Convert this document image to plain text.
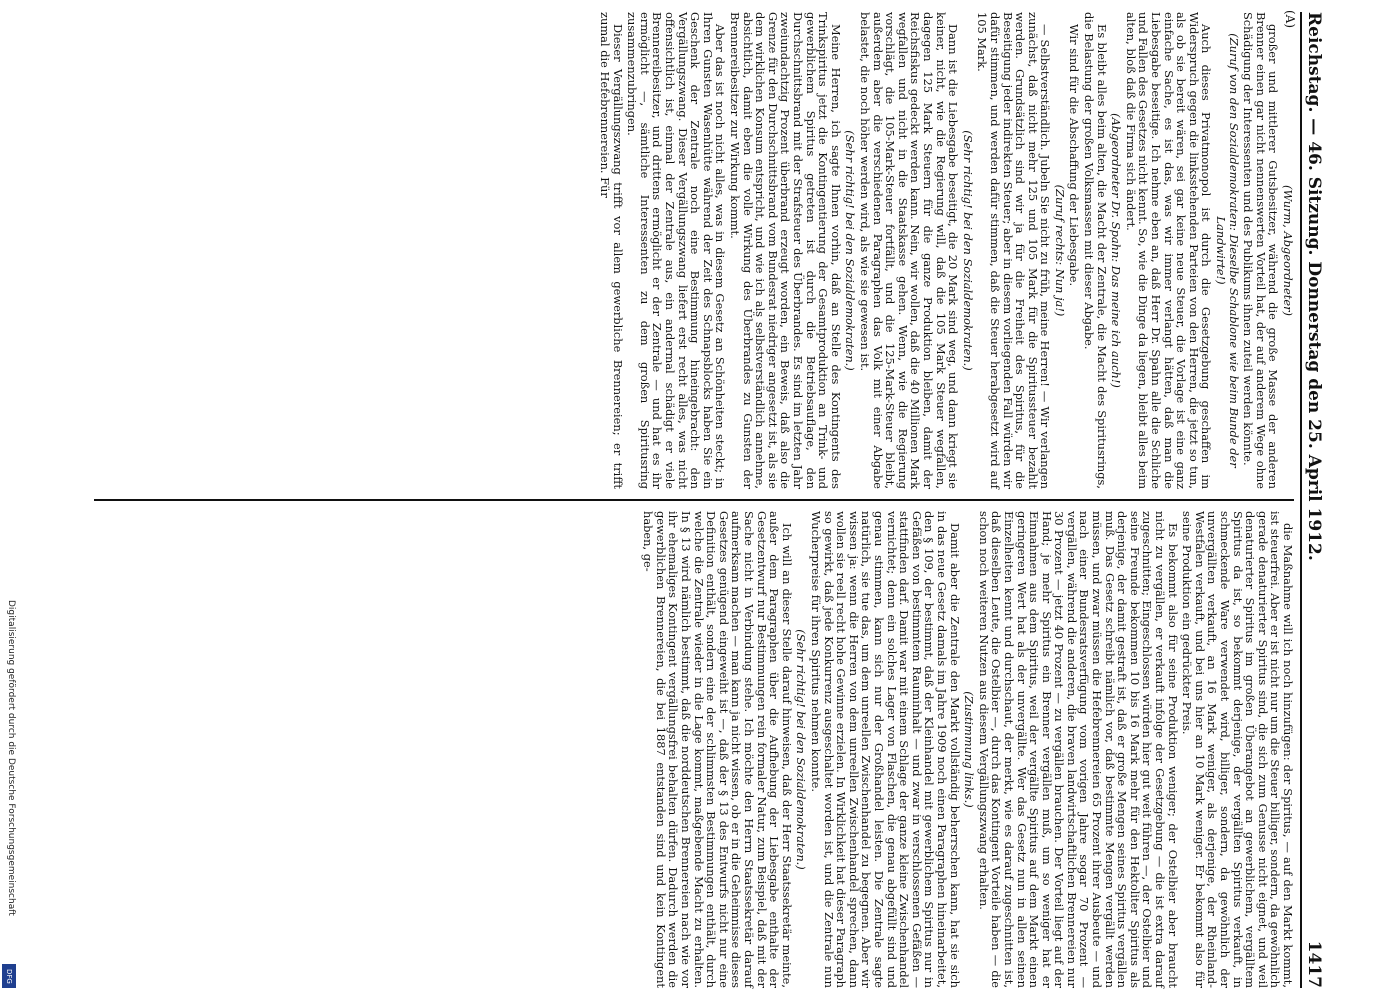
Reichstag. — 46. Sitzung. Donnerstag den 25. April 1912.
1417
(A)

(Wurm, Abgeordneter)

großer und mittlerer Gutsbesitzer, während die große Masse der anderen Brenner einen gar nicht nennenswerten Vorteil hat, der auf anderem Wege ohne Schädigung der Interessenten und des Publikums ihnen zuteil werden könnte.

(Zuruf von den Sozialdemokraten: Dieselbe Schablone wie beim Bunde der Landwirte!)

Auch dieses Privatmonopol ist durch die Gesetzgebung geschaffen im Widerspruch gegen die linksstehenden Parteien von den Herren, die jetzt so tun, als ob sie bereit wären, sei gar keine neue Steuer, die Vorlage ist eine ganz einfache Sache, es ist das, was wir immer verlangt hätten, daß man die Liebesgabe beseitige. Ich nehme eben an, daß Herr Dr. Spahn alle die Schliche und Fallen des Gesetzes nicht kennt. So, wie die Dinge da liegen, bleibt alles beim alten, bloß daß die Firma sich ändert.

(Abgeordneter Dr. Spahn: Das meine ich auch!)

Es bleibt alles beim alten, die Macht der Zentrale, die Macht des Spiritusrings, die Belastung der großen Volksmassen mit dieser Abgabe.

Wir sind für die Abschaffung der Liebesgabe.

(Zuruf rechts: Nun ja!)

— Selbstverständlich. Jubeln Sie nicht zu früh, meine Herren! — Wir verlangen zunächst, daß nicht mehr 125 und 105 Mark für die Spiritussteuer bezahlt werden. Grundsätzlich sind wir ja für die Freiheit des Spiritus, für die Beseitigung jeder indirekten Steuer; aber in diesem vorliegenden Fall würden wir dafür stimmen, und werden dafür stimmen, daß die Steuer herabgesetzt wird auf 105 Mark.

(Sehr richtig! bei den Sozialdemokraten.)

Dann ist die Liebesgabe beseitigt, die 20 Mark sind weg, und dann kriegt sie keiner, nicht, wie die Regierung will, daß die 105 Mark Steuer wegfallen, dagegen 125 Mark Steuern für die ganze Produktion bleiben, damit der Reichsfiskus gedeckt werden kann. Nein, wir wollen, daß die 40 Millionen Mark wegfallen und nicht in die Staatskasse gehen. Wenn, wie die Regierung vorschlägt, die 105-Mark-Steuer fortfällt, und die 125-Mark-Steuer bleibt, außerdem aber die verschiedenen Paragraphen das Volk mit einer Abgabe belastet, die noch höher werden wird, als wie sie gewesen ist.

(Sehr richtig! bei den Sozialdemokraten.)

Meine Herren, ich sagte Ihnen vorhin, daß an Stelle des Kontingents des Trinkspiritus jetzt die Kontingentierung der Gesamtproduktion an Trink- und gewerblichem Spiritus getreten ist durch die Betriebsauflage, den Durchschnittsbrand mit der Strafsteuer des Überbrandes. Es sind im letzten Jahr zweiundachtzig Prozent überbrand erzeugt worden, ein Beweis, daß also die Grenze für den Durchschnittsbrand vom Bundesrat niedriger angesetzt ist, als sie dem wirklichen Konsum entspricht, und wie ich als selbstverständlich annehme, absichtlich, damit eben die volle Wirkung des Überbrandes zu Gunsten der Brennereibesitzer zur Wirkung kommt.

Aber das ist noch nicht alles, was in diesem Gesetz an Schönheiten steckt; in Ihren Gunsten Wasenhütte während der Zeit des Schnapsblocks haben Sie ein Geschenk der Zentrale noch eine Bestimmung hineingebracht: den Vergällungszwang. Dieser Vergällungszwang liefert erst recht alles, was nicht offensichtlich ist, einmal der Zentrale aus, ein andermal schädigt er viele Brennereibesitzer, und drittens ermöglicht er der Zentrale — und hat es ihr ermöglicht —, sämtliche Interessenten zu dem großen Spiritusring zusammenzubringen.

Dieser Vergällungszwang trifft vor allem gewerbliche Brennereien; er trifft zumal die Hefebrennereien. Für

die Maßnahme will ich noch hinzufügen: der Spiritus, — auf den Markt kommt, ist steuerfrei. Aber er ist nicht nur um die Steuer billiger, sondern, da gewöhnlich gerade denaturierter Spiritus sind, die sich zum Genusse nicht eignet, und weil denaturierter Spiritus im großen Überangebot an gewerblichem, vergälltem Spiritus da ist, so bekommt derjenige, der vergällten Spiritus verkauft, in schmeckende Ware verwendet wird, billiger, sondern, da gewöhnlich der unvergällten verkauft, an 16 Mark weniger, als derjenige, der Rheinland-Westfalen verkauft, und bei uns hier an 10 Mark weniger. Er bekommt also für seine Produktion ein gedrückter Preis.

Es bekommt also für seine Produktion weniger; der Ostelbier aber braucht nicht zu vergällen, er verkauft infolge der Gesetzgebung — die ist extra darauf zugeschnitten; Eingeschlossen würden hier gut weit führen —, der Ostelbier und seine Freunde bekommen 10 bis 16 Mark mehr für den Hektoliter Spiritus als derjenige, der damit gestraft ist, daß er große Mengen seines Spiritus vergällen muß. Das Gesetz schreibt nämlich vor, daß bestimmte Mengen vergällt werden müssen, und zwar müssen die Hefebrennereien 65 Prozent ihrer Ausbeute — und nach einer Bundesratsverfügung vom vorigen Jahre sogar 70 Prozent — vergällen, während die anderen, die braven landwirtschaftlichen Brennereien nur 30 Prozent — jetzt 40 Prozent — zu vergällen brauchen. Der Vorteil liegt auf der Hand; je mehr Spiritus ein Brenner vergällen muß, um so weniger hat er Einnahmen aus dem Spiritus, weil der vergällte Spiritus auf dem Markt einen geringeren Wert hat als der unvergällte. Wer das Gesetz nun in allen seinen Einzelheiten kennt und durchschaut, der merkt, wie es darauf zugeschnitten ist, daß dieselben Leute, die Ostelbier —, durch das Kontingent Vorteile haben — die schon noch weiteren Nutzen aus diesem Vergällungszwang erhalten.

(Zustimmung links.)

Damit aber die Zentrale den Markt vollständig beherrschen kann, hat sie sich in das neue Gesetz damals im Jahre 1909 noch einen Paragraphen hineinarbeitet, den § 109, der bestimmt, daß der Kleinhandel mit gewerblichem Spiritus nur in Gefäßen von bestimmtem Rauminhalt — und zwar in verschlossenen Gefäßen — stattfinden darf. Damit war mit einem Schlage der ganze kleine Zwischenhandel vernichtet; denn ein solches Lager von Flaschen, die genau abgefüllt sind und genau stimmen, kann sich nur der Großhandel leisten. Die Zentrale sagte natürlich, sie tue das, um dem unreellen Zwischenhandel zu begegnen. Aber wir wissen ja: wenn die Herren von dem unreellen Zwischenhandel sprechen, dann wollen sie reell recht hohe Gewinne erzielen. In Wirklichkeit hat dieser Paragraph so gewirkt, daß jede Konkurrenz ausgeschaltet worden ist, und die Zentrale nun Wucherpreise für ihren Spiritus nehmen konnte.

(Sehr richtig! bei den Sozialdemokraten.)

Ich will an dieser Stelle darauf hinweisen, daß der Herr Staatssekretär meinte, außer dem Paragraphen über die Aufhebung der Liebesgabe enthalte der Gesetzentwurf nur Bestimmungen rein formaler Natur, zum Beispiel, daß mit der Sache nicht in Verbindung stehe. Ich möchte den Herrn Staatssekretär darauf aufmerksam machen — man kann ja nicht wissen, ob er in die Geheimnisse dieses Gesetzes genügend eingeweiht ist —, daß der § 13 des Entwurfs nicht nur eine Definition enthält, sondern eine der schlimmsten Bestimmungen enthält, durch welche die Zentrale wieder in die Lage kommt, maßgebende Macht zu erhalten. In § 13 wird nämlich bestimmt, daß die norddeutschen Brennereien nach wie vor ihr ehemaliges Kontingent vergällungsfrei behalten dürfen. Dadurch werden die gewerblichen Brennereien, die bei 1887 entstanden sind und kein Kontingent haben, ge-

Digitalisierung gefördert durch die Deutsche Forschungsgemeinschaft
DFG
